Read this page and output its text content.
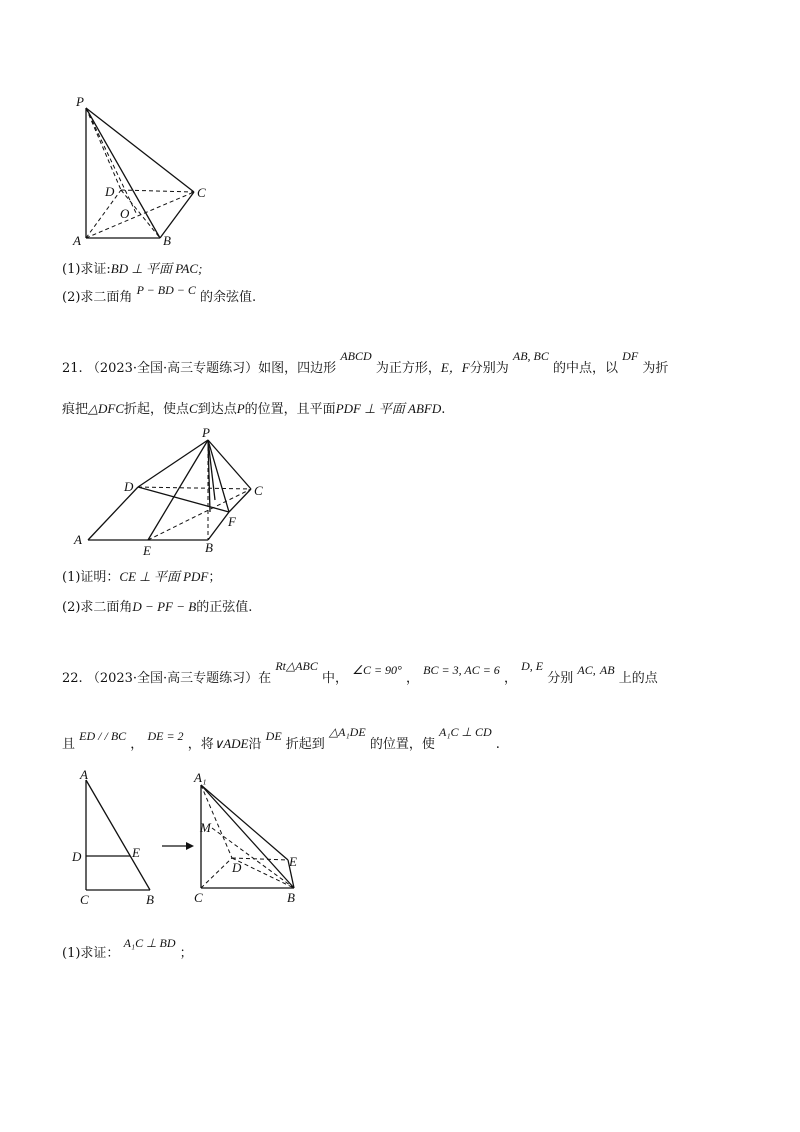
P
D	C
O
A	B
(1)求证:BD ⊥ 平面 PAC;
(2)求二面角 P − BD − C 的余弦值.
21. （2023·全国·高三专题练习）如图，四边形 ABCD 为正方形，E，F分别为 AB, BC 的中点，以 DF 为折
痕把△DFC折起，使点C到达点P的位置，且平面PDF ⊥ 平面 ABFD.
P
D	C
F
A
E	B
(1)证明：CE ⊥ 平面 PDF；
(2)求二面角D − PF − B的正弦值.
22. （2023·全国·高三专题练习）在 Rt△ABC 中， ∠C = 90° ， BC = 3, AC = 6 ， D, E 分别 AC, AB 上的点
且 ED / / BC ， DE = 2 ，将∨ADE沿 DE 折起到 △A₁DE 的位置，使 A₁C ⊥ CD .
A
D	E
C	B
A₁
M
D	E
C	B
(1)求证： A₁C ⊥ BD ；
